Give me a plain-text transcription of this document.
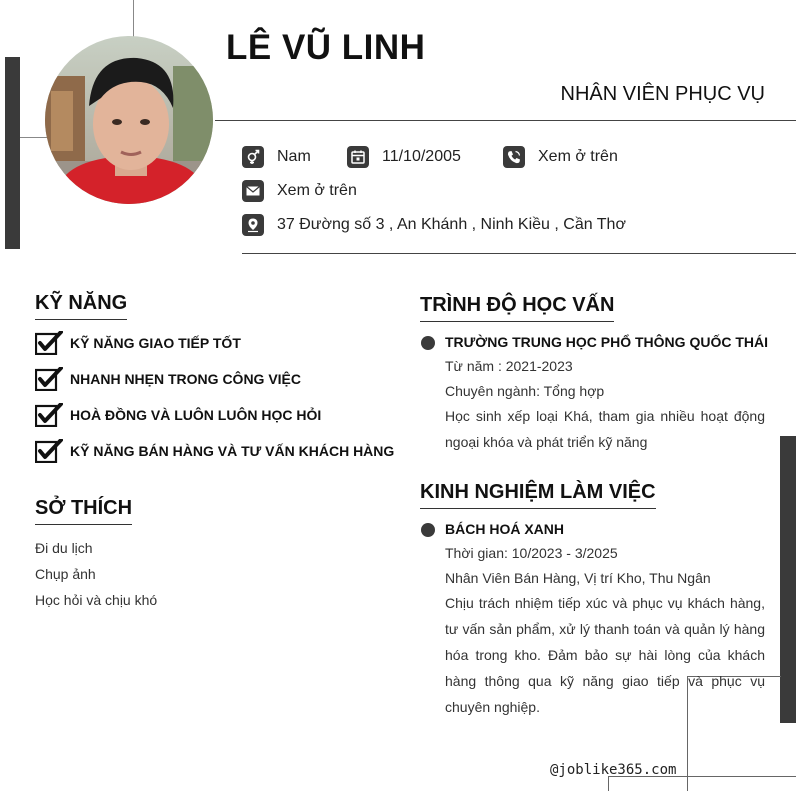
LÊ VŨ LINH
NHÂN VIÊN PHỤC VỤ
Nam	11/10/2005	Xem ở trên
Xem ở trên
37 Đường số 3 , An Khánh , Ninh Kiều , Cần Thơ
KỸ NĂNG
KỸ NĂNG GIAO TIẾP TỐT
NHANH NHẸN TRONG CÔNG VIỆC
HOÀ ĐỒNG VÀ LUÔN LUÔN HỌC HỎI
KỸ NĂNG BÁN HÀNG VÀ TƯ VẤN KHÁCH HÀNG
SỞ THÍCH
Đi du lịch
Chụp ảnh
Học hỏi và chịu khó
TRÌNH ĐỘ HỌC VẤN
TRƯỜNG TRUNG HỌC PHỔ THÔNG QUỐC THÁI
Từ năm : 2021-2023
Chuyên ngành: Tổng hợp
Học sinh xếp loại Khá, tham gia nhiều hoạt động ngoại khóa và phát triển kỹ năng
KINH NGHIỆM LÀM VIỆC
BÁCH HOÁ XANH
Thời gian: 10/2023 - 3/2025
Nhân Viên Bán Hàng, Vị trí Kho, Thu Ngân
Chịu trách nhiệm tiếp xúc và phục vụ khách hàng, tư vấn sản phẩm, xử lý thanh toán và quản lý hàng hóa trong kho. Đảm bảo sự hài lòng của khách hàng thông qua kỹ năng giao tiếp và phục vụ chuyên nghiệp.
@joblike365.com
